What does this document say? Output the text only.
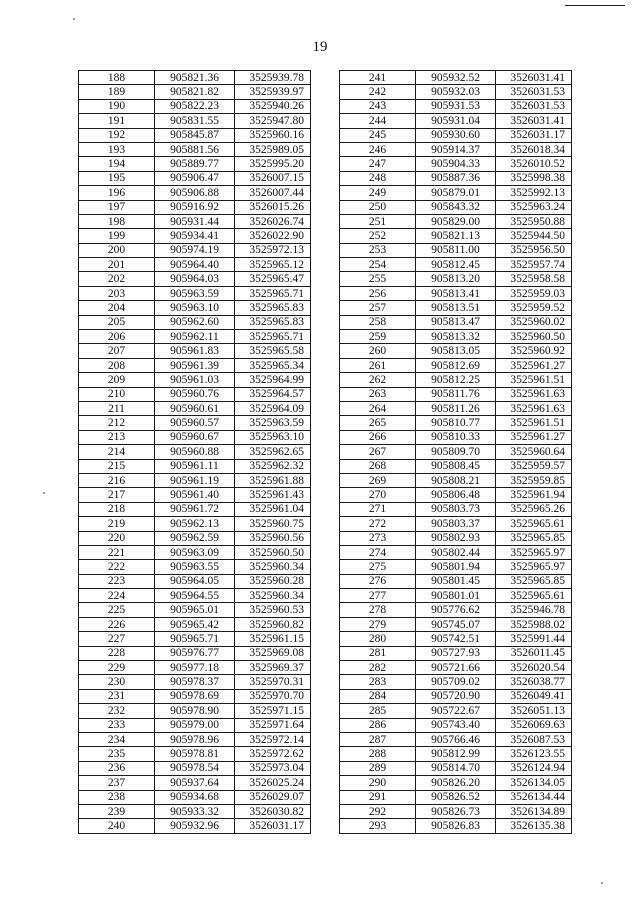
19
188	905821.36	3525939.78
189	905821.82	3525939.97
190	905822.23	3525940.26
191	905831.55	3525947.80
192	905845.87	3525960.16
193	905881.56	3525989.05
194	905889.77	3525995.20
195	905906.47	3526007.15
196	905906.88	3526007.44
197	905916.92	3526015.26
198	905931.44	3526026.74
199	905934.41	3526022.90
200	905974.19	3525972.13
201	905964.40	3525965.12
202	905964.03	3525965.47
203	905963.59	3525965.71
204	905963.10	3525965.83
205	905962.60	3525965.83
206	905962.11	3525965.71
207	905961.83	3525965.58
208	905961.39	3525965.34
209	905961.03	3525964.99
210	905960.76	3525964.57
211	905960.61	3525964.09
212	905960.57	3525963.59
213	905960.67	3525963.10
214	905960.88	3525962.65
215	905961.11	3525962.32
216	905961.19	3525961.88
217	905961.40	3525961.43
218	905961.72	3525961.04
219	905962.13	3525960.75
220	905962.59	3525960.56
221	905963.09	3525960.50
222	905963.55	3525960.34
223	905964.05	3525960.28
224	905964.55	3525960.34
225	905965.01	3525960.53
226	905965.42	3525960.82
227	905965.71	3525961.15
228	905976.77	3525969.08
229	905977.18	3525969.37
230	905978.37	3525970.31
231	905978.69	3525970.70
232	905978.90	3525971.15
233	905979.00	3525971.64
234	905978.96	3525972.14
235	905978.81	3525972.62
236	905978.54	3525973.04
237	905937.64	3526025.24
238	905934.68	3526029.07
239	905933.32	3526030.82
240	905932.96	3526031.17
241	905932.52	3526031.41
242	905932.03	3526031.53
243	905931.53	3526031.53
244	905931.04	3526031.41
245	905930.60	3526031.17
246	905914.37	3526018.34
247	905904.33	3526010.52
248	905887.36	3525998.38
249	905879.01	3525992.13
250	905843.32	3525963.24
251	905829.00	3525950.88
252	905821.13	3525944.50
253	905811.00	3525956.50
254	905812.45	3525957.74
255	905813.20	3525958.58
256	905813.41	3525959.03
257	905813.51	3525959.52
258	905813.47	3525960.02
259	905813.32	3525960.50
260	905813.05	3525960.92
261	905812.69	3525961.27
262	905812.25	3525961.51
263	905811.76	3525961.63
264	905811.26	3525961.63
265	905810.77	3525961.51
266	905810.33	3525961.27
267	905809.70	3525960.64
268	905808.45	3525959.57
269	905808.21	3525959.85
270	905806.48	3525961.94
271	905803.73	3525965.26
272	905803.37	3525965.61
273	905802.93	3525965.85
274	905802.44	3525965.97
275	905801.94	3525965.97
276	905801.45	3525965.85
277	905801.01	3525965.61
278	905776.62	3525946.78
279	905745.07	3525988.02
280	905742.51	3525991.44
281	905727.93	3526011.45
282	905721.66	3526020.54
283	905709.02	3526038.77
284	905720.90	3526049.41
285	905722.67	3526051.13
286	905743.40	3526069.63
287	905766.46	3526087.53
288	905812.99	3526123.55
289	905814.70	3526124.94
290	905826.20	3526134.05
291	905826.52	3526134.44
292	905826.73	3526134.89
293	905826.83	3526135.38
